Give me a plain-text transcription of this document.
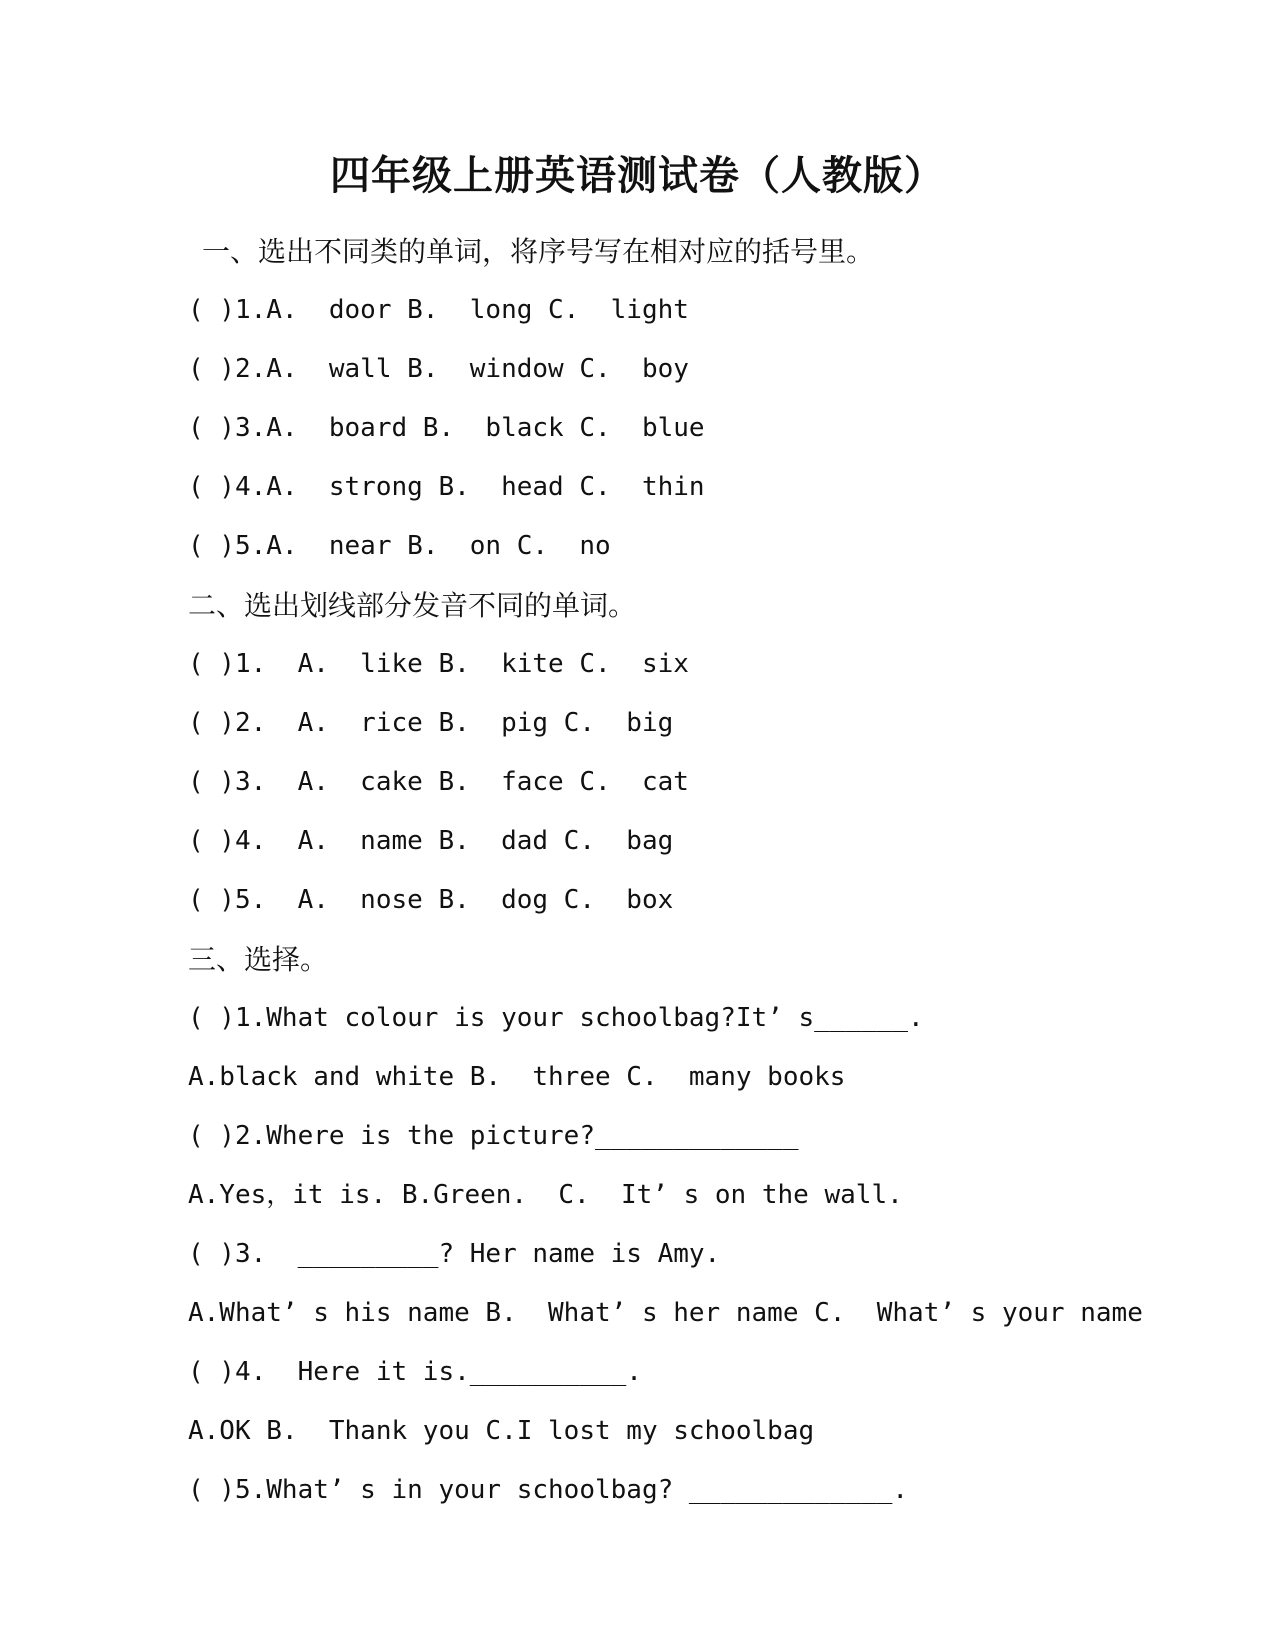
四年级上册英语测试卷（人教版）
一、选出不同类的单词，将序号写在相对应的括号里。
( )1.A.  door B.  long C.  light
( )2.A.  wall B.  window C.  boy
( )3.A.  board B.  black C.  blue
( )4.A.  strong B.  head C.  thin
( )5.A.  near B.  on C.  no
二、选出划线部分发音不同的单词。
( )1.  A.  like B.  kite C.  six
( )2.  A.  rice B.  pig C.  big
( )3.  A.  cake B.  face C.  cat
( )4.  A.  name B.  dad C.  bag
( )5.  A.  nose B.  dog C.  box
三、选择。
( )1.What colour is your schoolbag?It’ s______.
A.black and white B.  three C.  many books
( )2.Where is the picture?_____________
A.Yes，it is. B.Green.  C.  It’ s on the wall.
( )3.  _________? Her name is Amy.
A.What’ s his name B.  What’ s her name C.  What’ s your name
( )4.  Here it is.__________.
A.OK B.  Thank you C.I lost my schoolbag
( )5.What’ s in your schoolbag? _____________.
